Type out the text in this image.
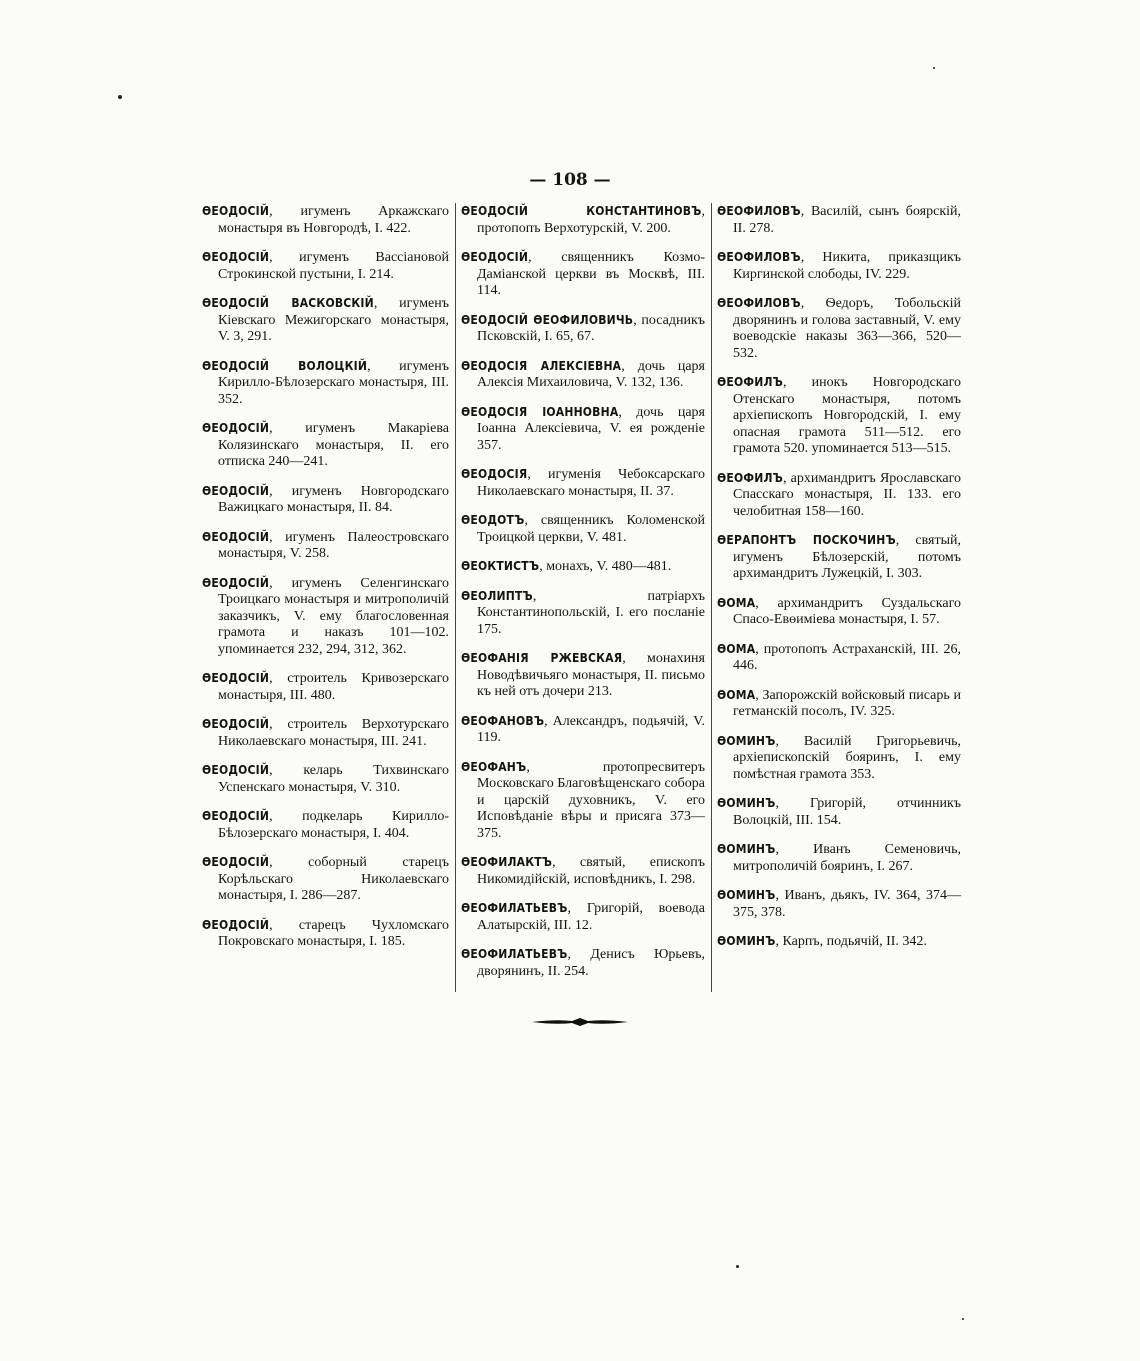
— 108 —

ѲЕОДОСІЙ, игуменъ Аркажскаго монастыря въ Новгородѣ, I. 422.

ѲЕОДОСІЙ, игуменъ Вассіановой Строкинской пустыни, I. 214.

ѲЕОДОСІЙ ВАСКОВСКІЙ, игуменъ Кіевскаго Межигорскаго монастыря, V. 3, 291.

ѲЕОДОСІЙ ВОЛОЦКІЙ, игуменъ Кирилло-Бѣлозерскаго монастыря, III. 352.

ѲЕОДОСІЙ, игуменъ Макаріева Колязинскаго монастыря, II. его отписка 240—241.

ѲЕОДОСІЙ, игуменъ Новгородскаго Важицкаго монастыря, II. 84.

ѲЕОДОСІЙ, игуменъ Палеостровскаго монастыря, V. 258.

ѲЕОДОСІЙ, игуменъ Селенгинскаго Троицкаго монастыря и митрополичій заказчикъ, V. ему благословенная грамота и наказъ 101—102. упоминается 232, 294, 312, 362.

ѲЕОДОСІЙ, строитель Кривозерскаго монастыря, III. 480.

ѲЕОДОСІЙ, строитель Верхотурскаго Николаевскаго монастыря, III. 241.

ѲЕОДОСІЙ, келарь Тихвинскаго Успенскаго монастыря, V. 310.

ѲЕОДОСІЙ, подкеларь Кирилло-Бѣлозерскаго монастыря, I. 404.

ѲЕОДОСІЙ, соборный старецъ Корѣльскаго Николаевскаго монастыря, I. 286—287.

ѲЕОДОСІЙ, старецъ Чухломскаго Покровскаго монастыря, I. 185.

ѲЕОДОСІЙ КОНСТАНТИНОВЪ, протопопъ Верхотурскій, V. 200.

ѲЕОДОСІЙ, священникъ Козмо-Даміанской церкви въ Москвѣ, III. 114.

ѲЕОДОСІЙ ѲЕОФИЛОВИЧЬ, посадникъ Псковскій, I. 65, 67.

ѲЕОДОСІЯ АЛЕКСІЕВНА, дочь царя Алексія Михаиловича, V. 132, 136.

ѲЕОДОСІЯ ІОАННОВНА, дочь царя Іоанна Алексіевича, V. ея рожденіе 357.

ѲЕОДОСІЯ, игуменія Чебоксарскаго Николаевскаго монастыря, II. 37.

ѲЕОДОТЪ, священникъ Коломенской Троицкой церкви, V. 481.

ѲЕОКТИСТЪ, монахъ, V. 480—481.

ѲЕОЛИПТЪ, патріархъ Константинопольскій, I. его посланіе 175.

ѲЕОФАНІЯ РЖЕВСКАЯ, монахиня Новодѣвичьяго монастыря, II. письмо къ ней отъ дочери 213.

ѲЕОФАНОВЪ, Александръ, подьячій, V. 119.

ѲЕОФАНЪ, протопресвитеръ Московскаго Благовѣщенскаго собора и царскій духовникъ, V. его Исповѣданіе вѣры и присяга 373—375.

ѲЕОФИЛАКТЪ, святый, епископъ Никомидійскій, исповѣдникъ, I. 298.

ѲЕОФИЛАТЬЕВЪ, Григорій, воевода Алатырскій, III. 12.

ѲЕОФИЛАТЬЕВЪ, Денисъ Юрьевъ, дворянинъ, II. 254.

ѲЕОФИЛОВЪ, Василій, сынъ боярскій, II. 278.

ѲЕОФИЛОВЪ, Никита, приказщикъ Киргинской слободы, IV. 229.

ѲЕОФИЛОВЪ, Ѳедоръ, Тобольскій дворянинъ и голова заставный, V. ему воеводскіе наказы 363—366, 520—532.

ѲЕОФИЛЪ, инокъ Новгородскаго Отенскаго монастыря, потомъ архіепископъ Новгородскій, I. ему опасная грамота 511—512. его грамота 520. упоминается 513—515.

ѲЕОФИЛЪ, архимандритъ Ярославскаго Спасскаго монастыря, II. 133. его челобитная 158—160.

ѲЕРАПОНТЪ ПОСКОЧИНЪ, святый, игуменъ Бѣлозерскій, потомъ архимандритъ Лужецкій, I. 303.

ѲОМА, архимандритъ Суздальскаго Спасо-Евѳиміева монастыря, I. 57.

ѲОМА, протопопъ Астраханскій, III. 26, 446.

ѲОМА, Запорожскій войсковый писарь и гетманскій посолъ, IV. 325.

ѲОМИНЪ, Василій Григорьевичь, архіепископскій бояринъ, I. ему помѣстная грамота 353.

ѲОМИНЪ, Григорій, отчинникъ Волоцкій, III. 154.

ѲОМИНЪ, Иванъ Семеновичь, митрополичій бояринъ, I. 267.

ѲОМИНЪ, Иванъ, дьякъ, IV. 364, 374—375, 378.

ѲОМИНЪ, Карпъ, подьячій, II. 342.
